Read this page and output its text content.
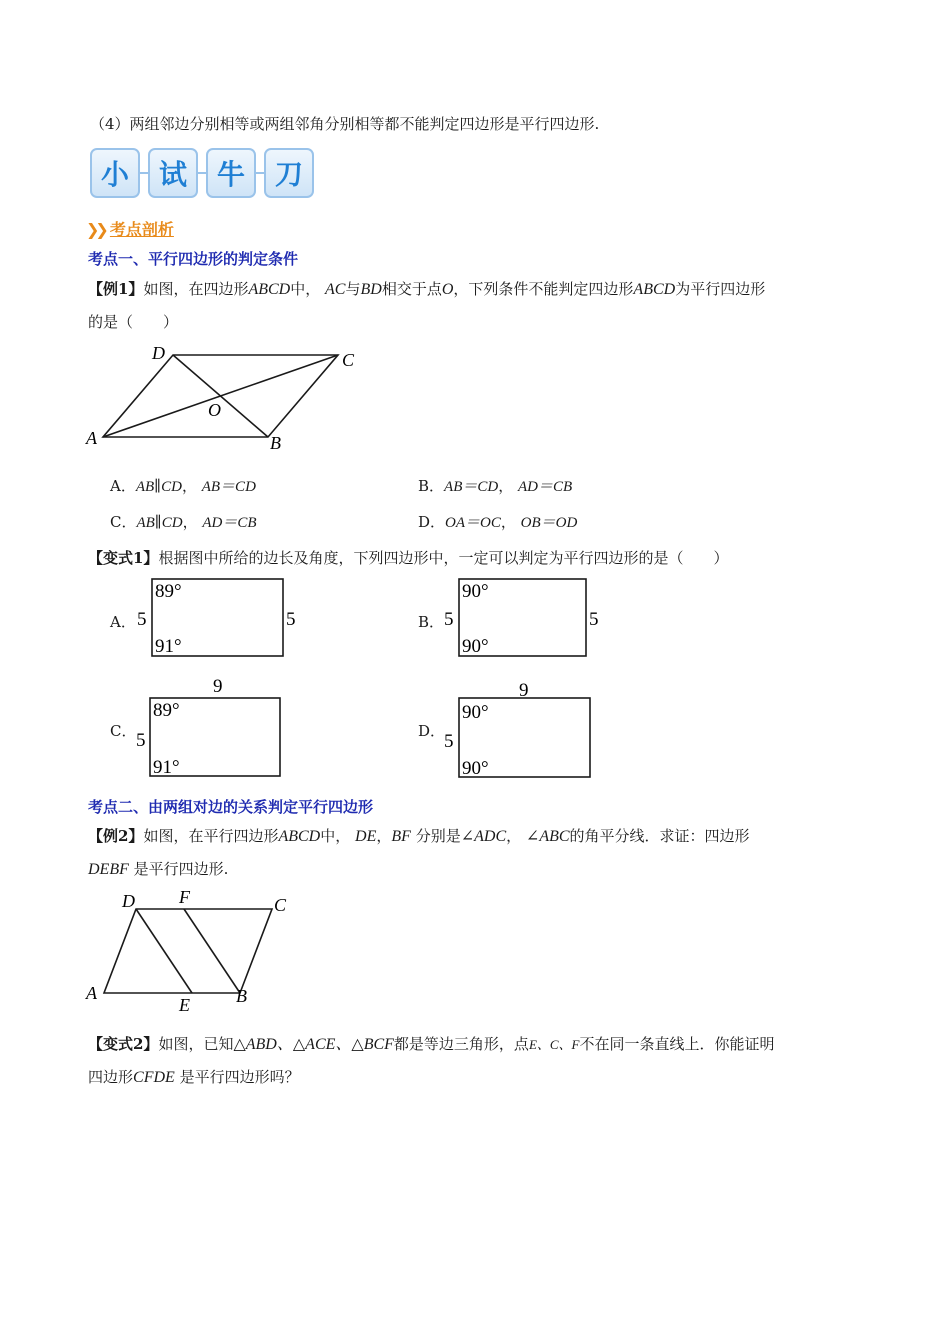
（4）两组邻边分别相等或两组邻角分别相等都不能判定四边形是平行四边形.
小 试 牛 刀
❯❯ 考点剖析
考点一、平行四边形的判定条件
【例1】如图，在四边形ABCD中， AC与BD相交于点O，下列条件不能判定四边形ABCD为平行四边形
的是（　　）
D	C
O
A	B
A．AB∥CD， AB＝CD	B．AB＝CD， AD＝CB
C．AB∥CD， AD＝CB	D．OA＝OC， OB＝OD
【变式1】根据图中所给的边长及角度，下列四边形中，一定可以判定为平行四边形的是（　　）
A．
89°
91°
5	5	B．
90°
90°
5	5
C．
9
89°
91°
5	D．
9
90°
90°
5
考点二、由两组对边的关系判定平行四边形
【例2】如图，在平行四边形ABCD中， DE，BF 分别是∠ADC， ∠ABC的角平分线．求证：四边形
DEBF 是平行四边形.
D F	C
A
E	B
【变式2】如图，已知△ABD、△ACE、△BCF都是等边三角形，点E、C、F不在同一条直线上．你能证明
四边形CFDE 是平行四边形吗？
